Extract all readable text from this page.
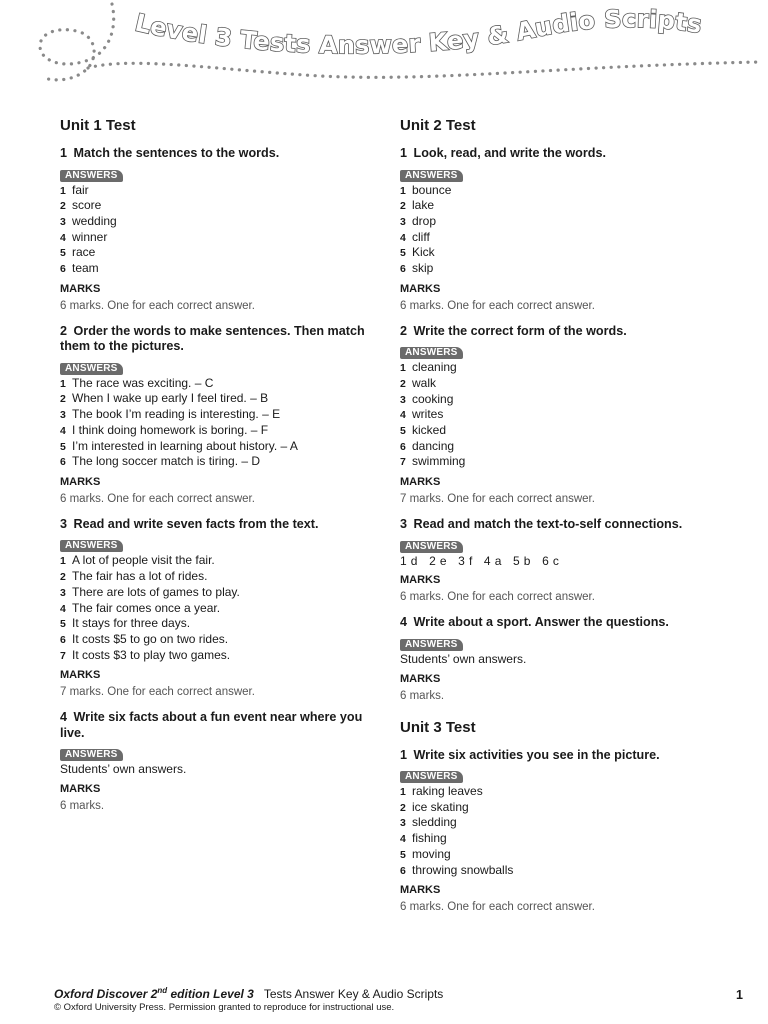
Level 3 Tests Answer Key & Audio Scripts
Unit 1 Test
1 Match the sentences to the words.
ANSWERS
1 fair
2 score
3 wedding
4 winner
5 race
6 team
MARKS
6 marks. One for each correct answer.
2 Order the words to make sentences. Then match them to the pictures.
ANSWERS
1 The race was exciting. – C
2 When I wake up early I feel tired. – B
3 The book I’m reading is interesting. – E
4 I think doing homework is boring. – F
5 I’m interested in learning about history. – A
6 The long soccer match is tiring. – D
MARKS
6 marks. One for each correct answer.
3 Read and write seven facts from the text.
ANSWERS
1 A lot of people visit the fair.
2 The fair has a lot of rides.
3 There are lots of games to play.
4 The fair comes once a year.
5 It stays for three days.
6 It costs $5 to go on two rides.
7 It costs $3 to play two games.
MARKS
7 marks. One for each correct answer.
4 Write six facts about a fun event near where you live.
ANSWERS
Students’ own answers.
MARKS
6 marks.
Unit 2 Test
1 Look, read, and write the words.
ANSWERS
1 bounce
2 lake
3 drop
4 cliff
5 Kick
6 skip
MARKS
6 marks. One for each correct answer.
2 Write the correct form of the words.
ANSWERS
1 cleaning
2 walk
3 cooking
4 writes
5 kicked
6 dancing
7 swimming
MARKS
7 marks. One for each correct answer.
3 Read and match the text-to-self connections.
ANSWERS
1 d   2 e   3 f   4 a   5 b   6 c
MARKS
6 marks. One for each correct answer.
4 Write about a sport. Answer the questions.
ANSWERS
Students’ own answers.
MARKS
6 marks.
Unit 3 Test
1 Write six activities you see in the picture.
ANSWERS
1 raking leaves
2 ice skating
3 sledding
4 fishing
5 moving
6 throwing snowballs
MARKS
6 marks. One for each correct answer.
Oxford Discover 2nd edition Level 3 Tests Answer Key & Audio Scripts
© Oxford University Press. Permission granted to reproduce for instructional use.
1
